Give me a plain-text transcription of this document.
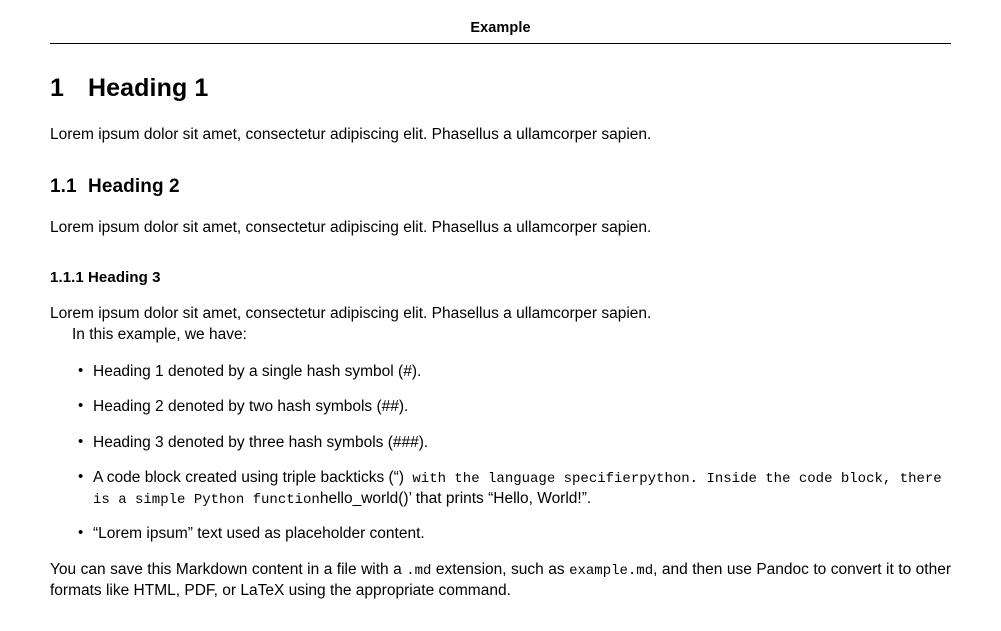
Example
1 Heading 1

Lorem ipsum dolor sit amet, consectetur adipiscing elit. Phasellus a ullamcorper sapien.

1.1 Heading 2

Lorem ipsum dolor sit amet, consectetur adipiscing elit. Phasellus a ullamcorper sapien.

1.1.1 Heading 3

Lorem ipsum dolor sit amet, consectetur adipiscing elit. Phasellus a ullamcorper sapien.

In this example, we have:

• Heading 1 denoted by a single hash symbol (#).
• Heading 2 denoted by two hash symbols (##).
• Heading 3 denoted by three hash symbols (###).
• A code block created using triple backticks (“) with the language specifierpython. Inside the code block, there is a simple Python functionhello_world()’ that prints “Hello, World!”.
• “Lorem ipsum” text used as placeholder content.
You can save this Markdown content in a file with a .md extension, such as example.md, and then use Pandoc to convert it to other formats like HTML, PDF, or LaTeX using the appropriate command.
